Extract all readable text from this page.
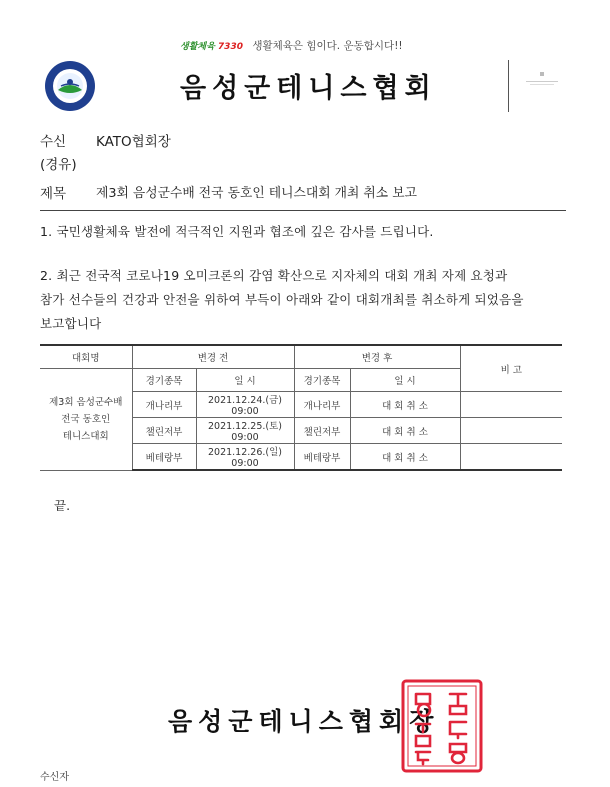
생활체육 7330 생활체육은 힘이다. 운동합시다!!
음성군테니스협회
수신 KATO협회장
(경유)
제목 제3회 음성군수배 전국 동호인 테니스대회 개최 취소 보고
1. 국민생활체육 발전에 적극적인 지원과 협조에 깊은 감사를 드립니다.
2. 최근 전국적 코로나19 오미크론의 감염 확산으로 지자체의 대회 개최 자제 요청과
참가 선수들의 건강과 안전을 위하여 부득이 아래와 같이 대회개최를 취소하게 되었음을
보고합니다
대회명	변경 전		변경 후		비 고

제3회 음성군수배
전국 동호인
테니스대회	경기종목	일 시	경기종목	일 시	
	개나리부	2021.12.24.(금) 09:00	개나리부	대 회 취 소	
	챌린저부	2021.12.25.(토) 09:00	챌린저부	대 회 취 소	
	베테랑부	2021.12.26.(일) 09:00	베테랑부	대 회 취 소	
끝.
음성군테니스협회장
수신자
